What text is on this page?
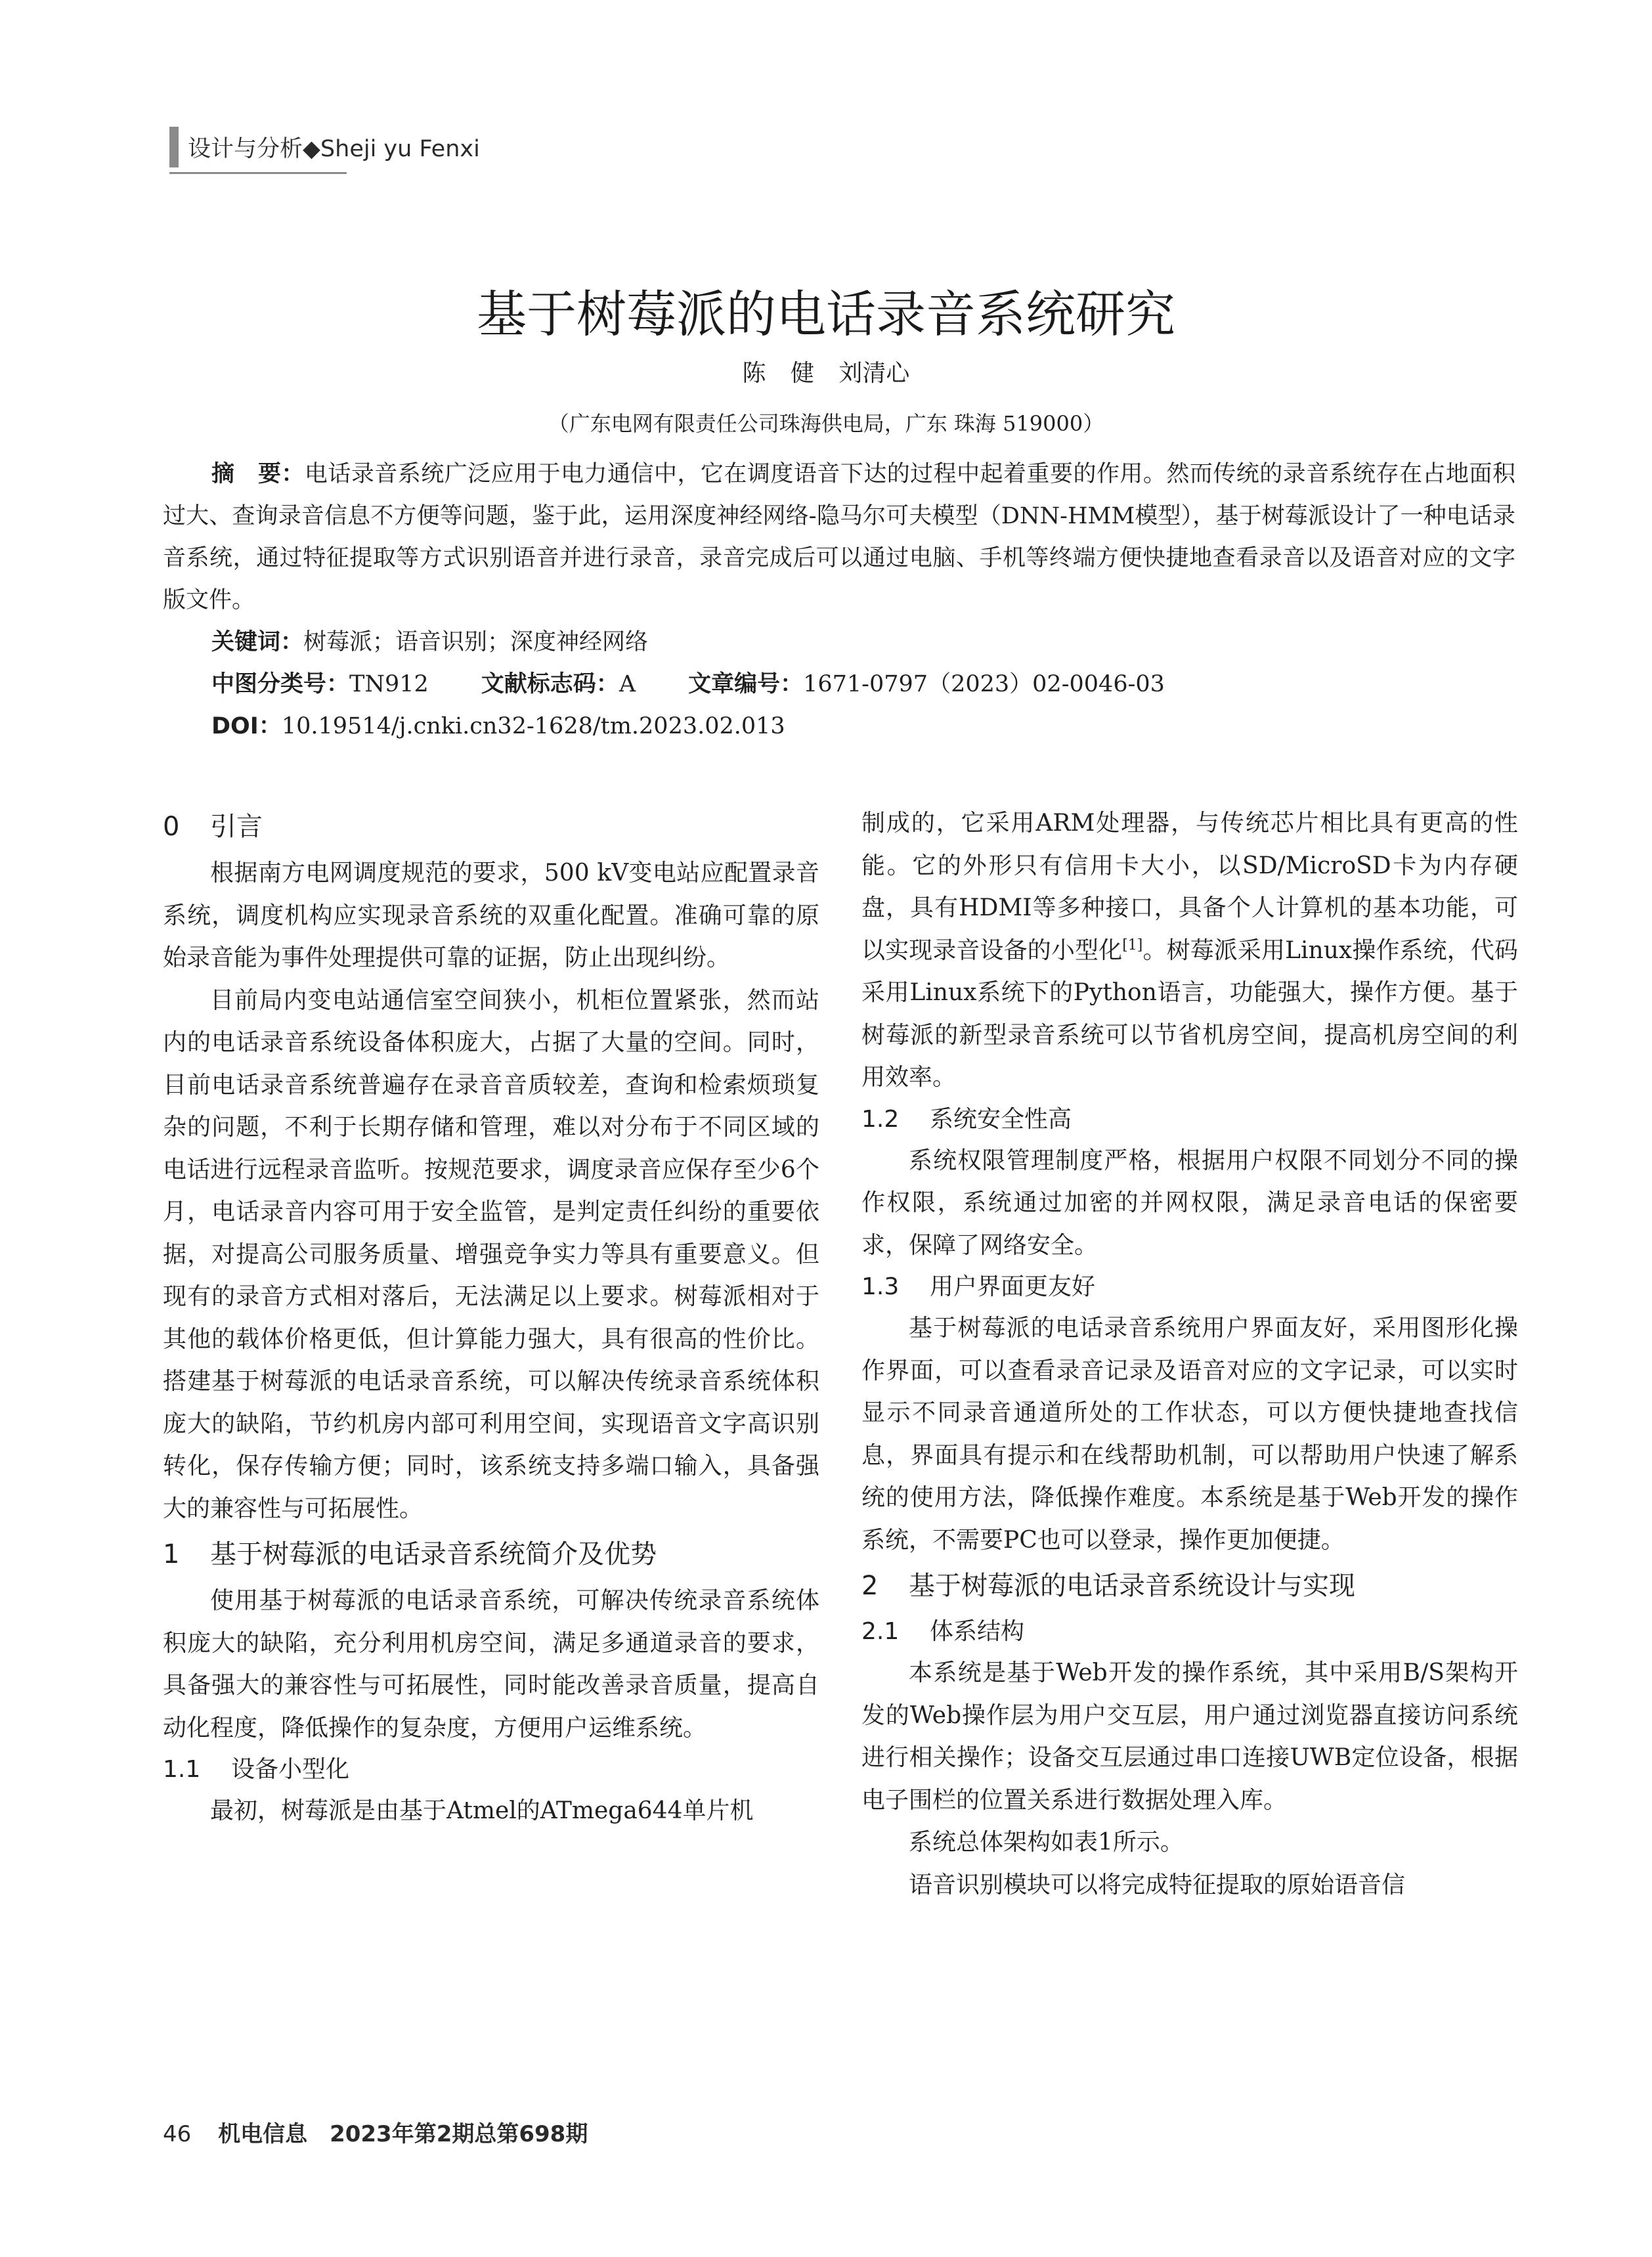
设计与分析◆Sheji yu Fenxi
基于树莓派的电话录音系统研究
陈 健 刘清心
（广东电网有限责任公司珠海供电局，广东 珠海 519000）

摘　要：电话录音系统广泛应用于电力通信中，它在调度语音下达的过程中起着重要的作用。然而传统的录音系统存在占地面积过大、查询录音信息不方便等问题，鉴于此，运用深度神经网络-隐马尔可夫模型（DNN-HMM模型），基于树莓派设计了一种电话录音系统，通过特征提取等方式识别语音并进行录音，录音完成后可以通过电脑、手机等终端方便快捷地查看录音以及语音对应的文字版文件。

关键词：树莓派；语音识别；深度神经网络

中图分类号：TN912 文献标志码：A 文章编号：1671-0797（2023）02-0046-03

DOI：10.19514/j.cnki.cn32-1628/tm.2023.02.013

0 引言

根据南方电网调度规范的要求，500 kV变电站应配置录音系统，调度机构应实现录音系统的双重化配置。准确可靠的原始录音能为事件处理提供可靠的证据，防止出现纠纷。

目前局内变电站通信室空间狭小，机柜位置紧张，然而站内的电话录音系统设备体积庞大，占据了大量的空间。同时，目前电话录音系统普遍存在录音音质较差，查询和检索烦琐复杂的问题，不利于长期存储和管理，难以对分布于不同区域的电话进行远程录音监听。按规范要求，调度录音应保存至少6个月，电话录音内容可用于安全监管，是判定责任纠纷的重要依据，对提高公司服务质量、增强竞争实力等具有重要意义。但现有的录音方式相对落后，无法满足以上要求。树莓派相对于其他的载体价格更低，但计算能力强大，具有很高的性价比。搭建基于树莓派的电话录音系统，可以解决传统录音系统体积庞大的缺陷，节约机房内部可利用空间，实现语音文字高识别转化，保存传输方便；同时，该系统支持多端口输入，具备强大的兼容性与可拓展性。

1 基于树莓派的电话录音系统简介及优势

使用基于树莓派的电话录音系统，可解决传统录音系统体积庞大的缺陷，充分利用机房空间，满足多通道录音的要求，具备强大的兼容性与可拓展性，同时能改善录音质量，提高自动化程度，降低操作的复杂度，方便用户运维系统。

1.1 设备小型化

最初，树莓派是由基于Atmel的ATmega644单片机

制成的，它采用ARM处理器，与传统芯片相比具有更高的性能。它的外形只有信用卡大小，以SD/MicroSD卡为内存硬盘，具有HDMI等多种接口，具备个人计算机的基本功能，可以实现录音设备的小型化[1]。树莓派采用Linux操作系统，代码采用Linux系统下的Python语言，功能强大，操作方便。基于树莓派的新型录音系统可以节省机房空间，提高机房空间的利用效率。

1.2 系统安全性高

系统权限管理制度严格，根据用户权限不同划分不同的操作权限，系统通过加密的并网权限，满足录音电话的保密要求，保障了网络安全。

1.3 用户界面更友好

基于树莓派的电话录音系统用户界面友好，采用图形化操作界面，可以查看录音记录及语音对应的文字记录，可以实时显示不同录音通道所处的工作状态，可以方便快捷地查找信息，界面具有提示和在线帮助机制，可以帮助用户快速了解系统的使用方法，降低操作难度。本系统是基于Web开发的操作系统，不需要PC也可以登录，操作更加便捷。

2 基于树莓派的电话录音系统设计与实现
2.1 体系结构

本系统是基于Web开发的操作系统，其中采用B/S架构开发的Web操作层为用户交互层，用户通过浏览器直接访问系统进行相关操作；设备交互层通过串口连接UWB定位设备，根据电子围栏的位置关系进行数据处理入库。

系统总体架构如表1所示。

语音识别模块可以将完成特征提取的原始语音信

46 机电信息　2023年第2期总第698期
